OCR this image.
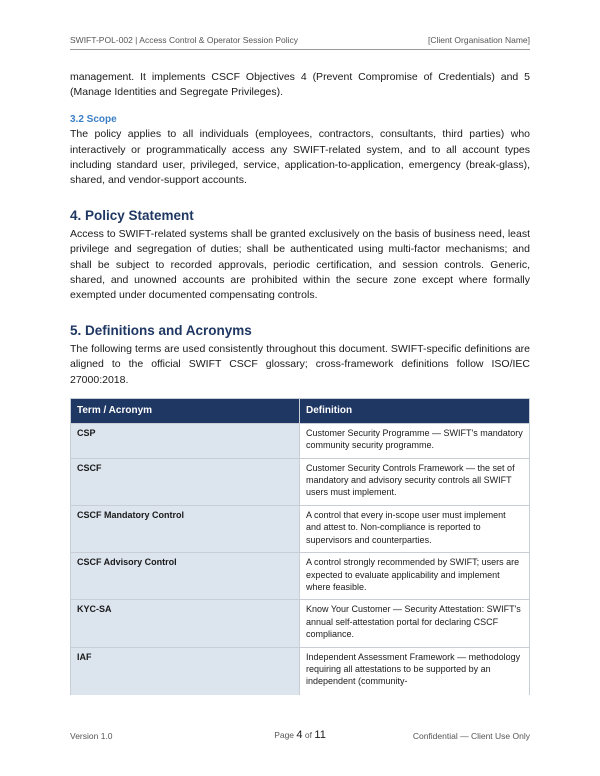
SWIFT-POL-002 | Access Control & Operator Session Policy	[Client Organisation Name]

management. It implements CSCF Objectives 4 (Prevent Compromise of Credentials) and 5 (Manage Identities and Segregate Privileges).

3.2 Scope

The policy applies to all individuals (employees, contractors, consultants, third parties) who interactively or programmatically access any SWIFT-related system, and to all account types including standard user, privileged, service, application-to-application, emergency (break-glass), shared, and vendor-support accounts.

4. Policy Statement

Access to SWIFT-related systems shall be granted exclusively on the basis of business need, least privilege and segregation of duties; shall be authenticated using multi-factor mechanisms; and shall be subject to recorded approvals, periodic certification, and session controls. Generic, shared, and unowned accounts are prohibited within the secure zone except where formally exempted under documented compensating controls.

5. Definitions and Acronyms

The following terms are used consistently throughout this document. SWIFT-specific definitions are aligned to the official SWIFT CSCF glossary; cross-framework definitions follow ISO/IEC 27000:2018.

Term / Acronym	Definition
CSP	Customer Security Programme — SWIFT's mandatory community security programme.
CSCF	Customer Security Controls Framework — the set of mandatory and advisory security controls all SWIFT users must implement.
CSCF Mandatory Control	A control that every in-scope user must implement and attest to. Non-compliance is reported to supervisors and counterparties.
CSCF Advisory Control	A control strongly recommended by SWIFT; users are expected to evaluate applicability and implement where feasible.
KYC-SA	Know Your Customer — Security Attestation: SWIFT's annual self-attestation portal for declaring CSCF compliance.
IAF	Independent Assessment Framework — methodology requiring all attestations to be supported by an independent (community-
Version 1.0	Page 4 of 11	Confidential — Client Use Only
